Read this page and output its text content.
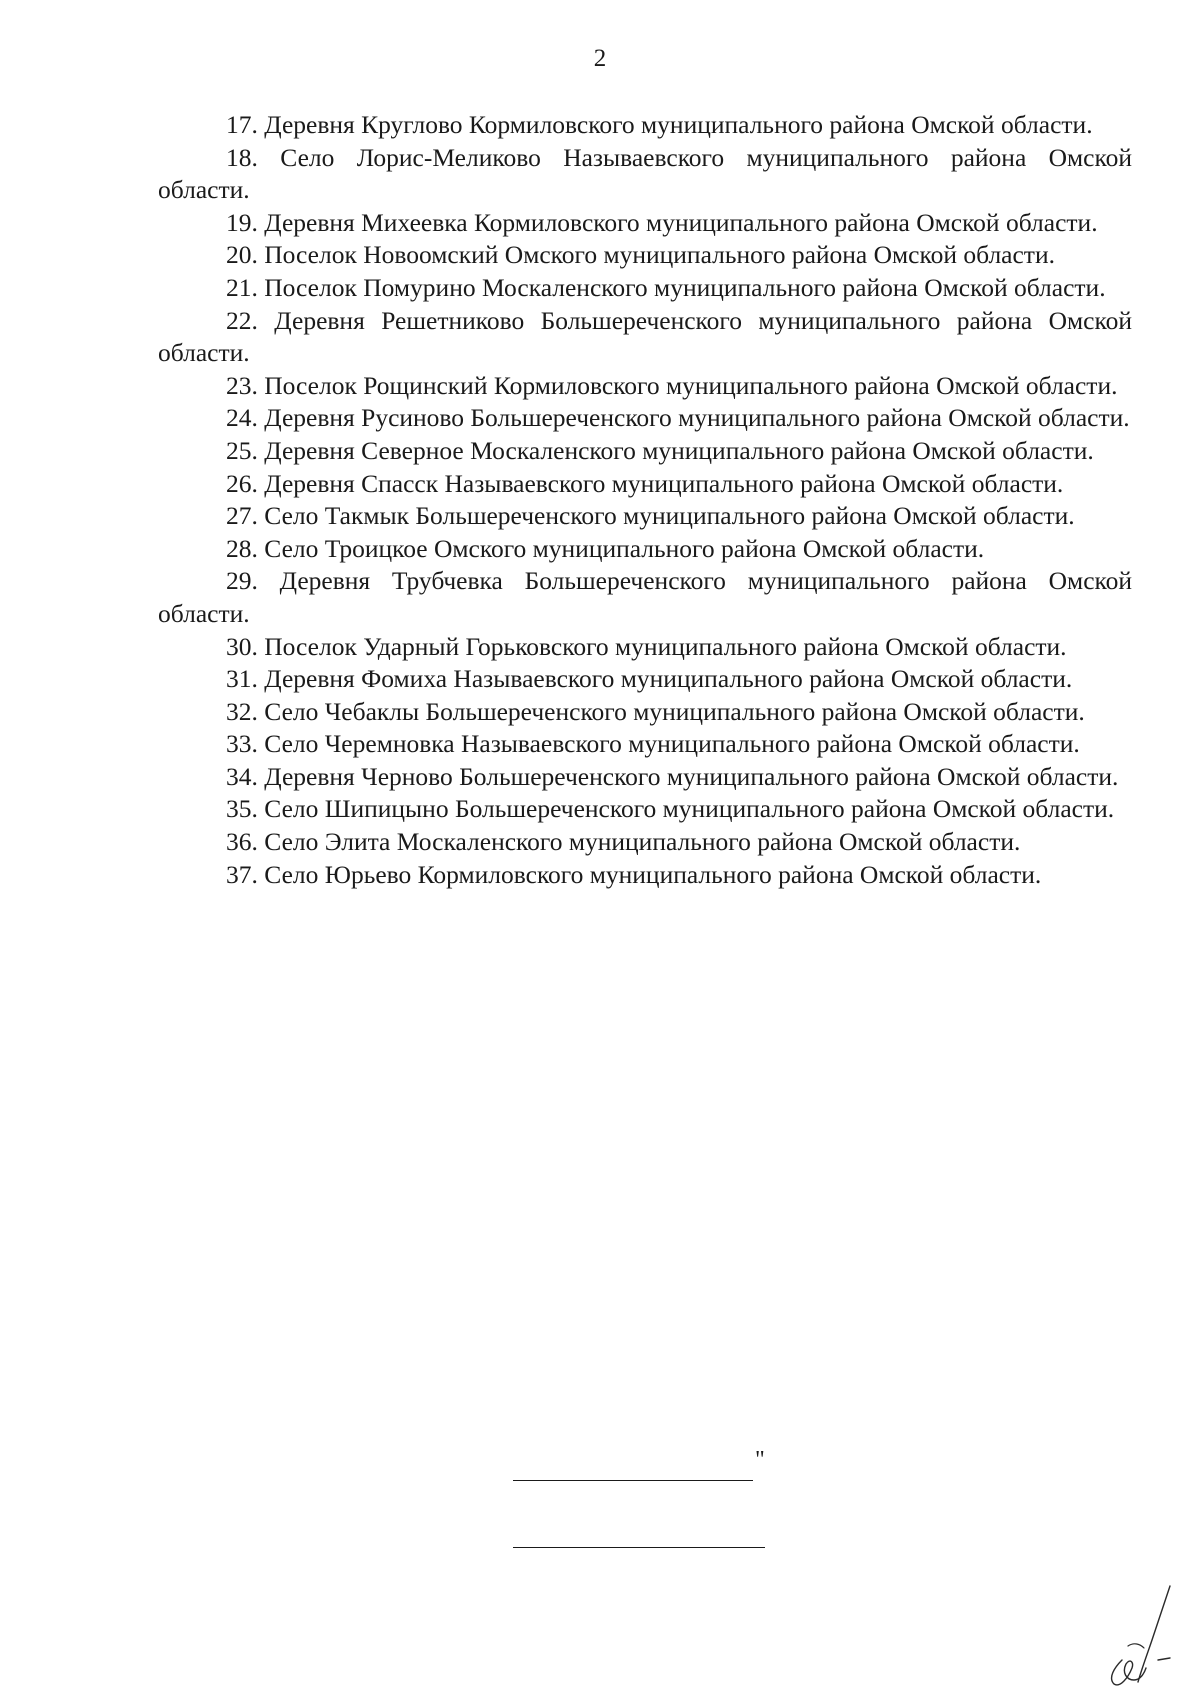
2

17. Деревня Круглово Кормиловского муниципального района Омской области.

18. Село Лорис-Меликово Называевского муниципального района Омской области.

19. Деревня Михеевка Кормиловского муниципального района Омской области.

20. Поселок Новоомский Омского муниципального района Омской области.

21. Поселок Помурино Москаленского муниципального района Омской области.

22. Деревня Решетниково Большереченского муниципального района Омской области.

23. Поселок Рощинский Кормиловского муниципального района Омской области.

24. Деревня Русиново Большереченского муниципального района Омской области.

25. Деревня Северное Москаленского муниципального района Омской области.

26. Деревня Спасск Называевского муниципального района Омской области.

27. Село Такмык Большереченского муниципального района Омской области.

28. Село Троицкое Омского муниципального района Омской области.

29. Деревня Трубчевка Большереченского муниципального района Омской области.

30. Поселок Ударный Горьковского муниципального района Омской области.

31. Деревня Фомиха Называевского муниципального района Омской области.

32. Село Чебаклы Большереченского муниципального района Омской области.

33. Село Черемновка Называевского муниципального района Омской области.

34. Деревня Черново Большереченского муниципального района Омской области.

35. Село Шипицыно Большереченского муниципального района Омской области.

36. Село Элита Москаленского муниципального района Омской области.

37. Село Юрьево Кормиловского муниципального района Омской области.

"
